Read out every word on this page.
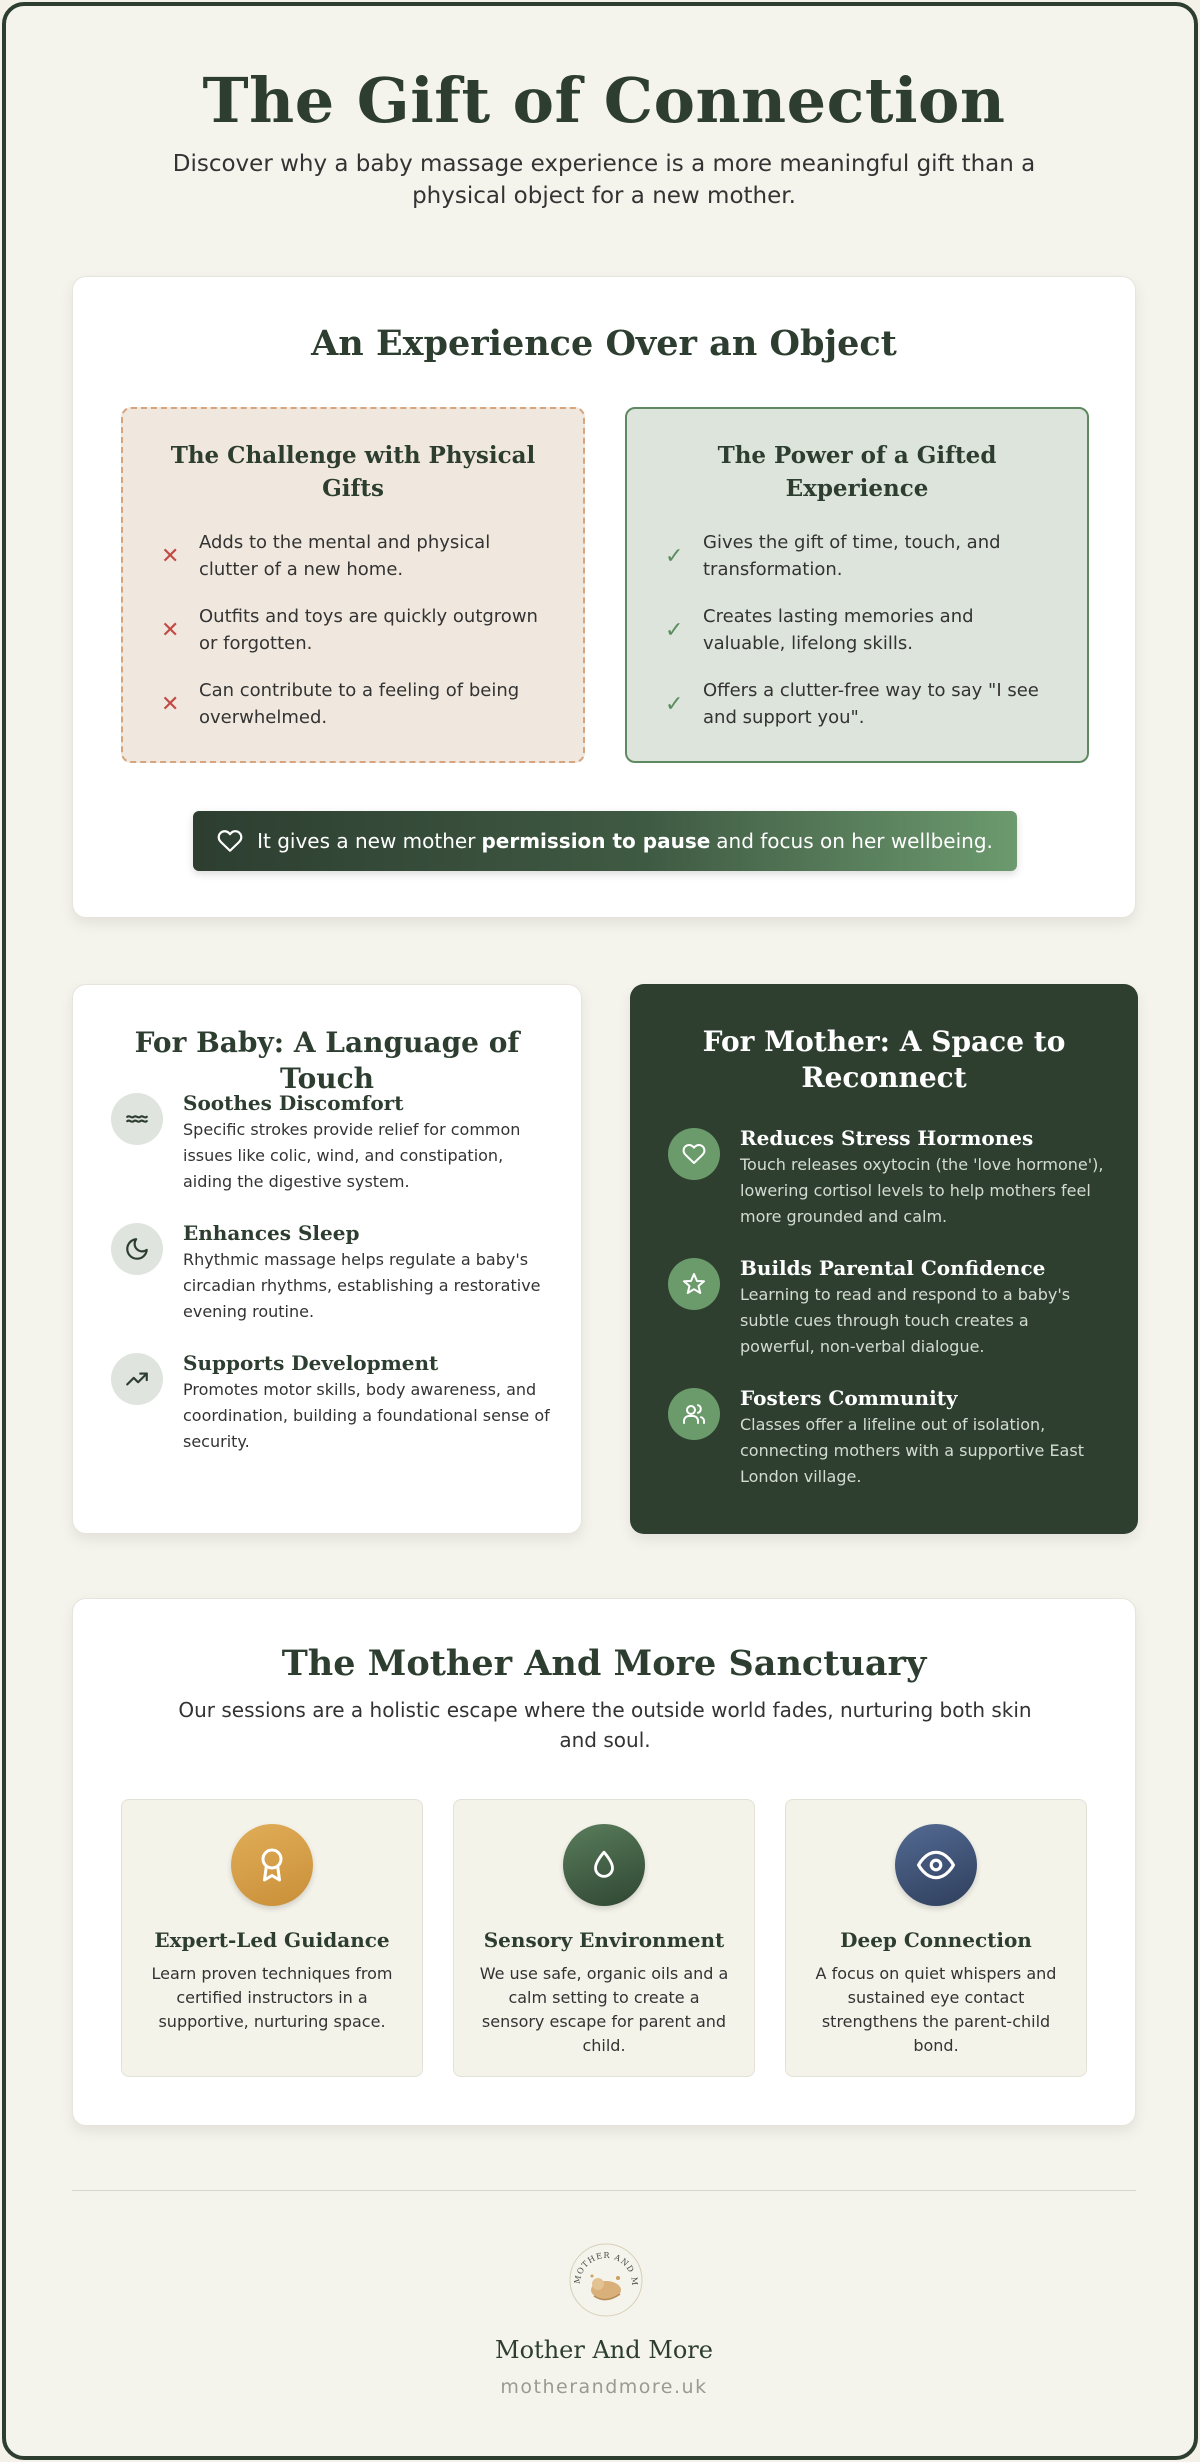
The Gift of Connection

Discover why a baby massage experience is a more meaningful gift than a physical object for a new mother.

An Experience Over an Object
The Challenge with Physical Gifts
✕
Adds to the mental and physical clutter of a new home.
✕
Outfits and toys are quickly outgrown or forgotten.
✕
Can contribute to a feeling of being overwhelmed.
The Power of a Gifted Experience
✓
Gives the gift of time, touch, and transformation.
✓
Creates lasting memories and valuable, lifelong skills.
✓
Offers a clutter-free way to say "I see and support you".
It gives a new mother permission to pause and focus on her wellbeing.
For Baby: A Language of Touch
Soothes Discomfort

Specific strokes provide relief for common issues like colic, wind, and constipation, aiding the digestive system.

Enhances Sleep

Rhythmic massage helps regulate a baby's circadian rhythms, establishing a restorative evening routine.

Supports Development

Promotes motor skills, body awareness, and coordination, building a foundational sense of security.

For Mother: A Space to Reconnect
Reduces Stress Hormones

Touch releases oxytocin (the 'love hormone'), lowering cortisol levels to help mothers feel more grounded and calm.

Builds Parental Confidence

Learning to read and respond to a baby's subtle cues through touch creates a powerful, non-verbal dialogue.

Fosters Community

Classes offer a lifeline out of isolation, connecting mothers with a supportive East London village.

The Mother And More Sanctuary

Our sessions are a holistic escape where the outside world fades, nurturing both skin and soul.

Expert-Led Guidance

Learn proven techniques from certified instructors in a supportive, nurturing space.

Sensory Environment

We use safe, organic oils and a calm setting to create a sensory escape for parent and child.

Deep Connection

A focus on quiet whispers and sustained eye contact strengthens the parent-child bond.

MOTHER AND M
Mother And More
motherandmore.uk
